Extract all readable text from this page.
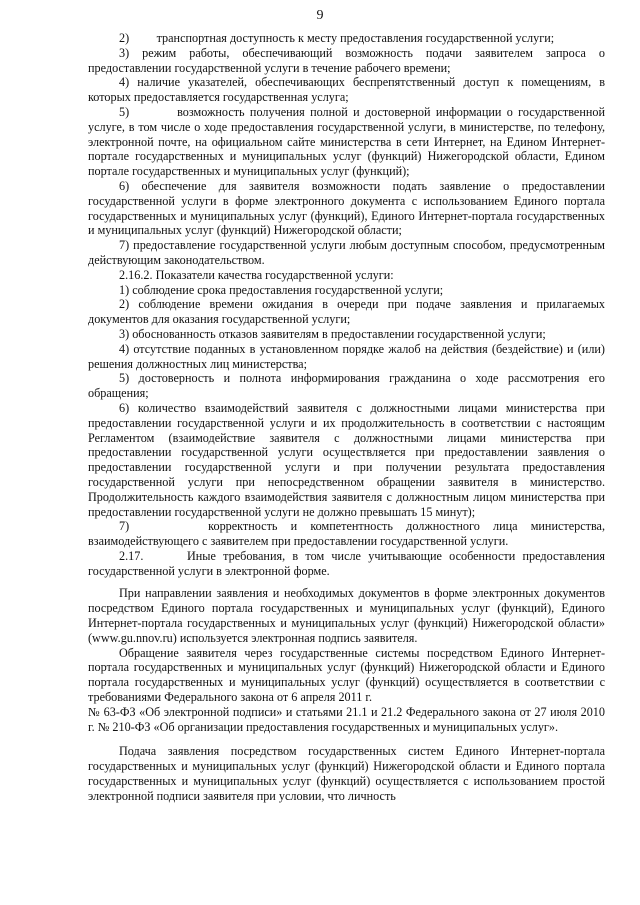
9

2)         транспортная доступность к месту предоставления государственной услуги;

3) режим работы, обеспечивающий возможность подачи заявителем запроса о предоставлении государственной услуги в течение рабочего времени;

4) наличие указателей, обеспечивающих беспрепятственный доступ к помещениям, в которых предоставляется государственная услуга;

5)         возможность получения полной и достоверной информации о государственной услуге, в том числе о ходе предоставления государственной услуги, в министерстве, по телефону, электронной почте, на официальном сайте министерства в сети Интернет, на Едином Интернет-портале государственных и муниципальных услуг (функций) Нижегородской области, Едином портале государственных и муниципальных услуг (функций);

6) обеспечение для заявителя возможности подать заявление о предоставлении государственной услуги в форме электронного документа с использованием Единого портала государственных и муниципальных услуг (функций), Единого Интернет-портала государственных и муниципальных услуг (функций) Нижегородской области;

7) предоставление государственной услуги любым доступным способом, предусмотренным действующим законодательством.

2.16.2. Показатели качества государственной услуги:

1) соблюдение срока предоставления государственной услуги;

2) соблюдение времени ожидания в очереди при подаче заявления и прилагаемых документов для оказания государственной услуги;

3) обоснованность отказов заявителям в предоставлении государственной услуги;

4) отсутствие поданных в установленном порядке жалоб на действия (бездействие) и (или) решения должностных лиц министерства;

5) достоверность и полнота информирования гражданина о ходе рассмотрения его обращения;

6) количество взаимодействий заявителя с должностными лицами министерства при предоставлении государственной услуги и их продолжительность в соответствии с настоящим Регламентом (взаимодействие заявителя с должностными лицами министерства при предоставлении государственной услуги осуществляется при предоставлении заявления о предоставлении государственной услуги и при получении результата предоставления государственной услуги при непосредственном обращении заявителя в министерство. Продолжительность каждого взаимодействия заявителя с должностным лицом министерства при предоставлении государственной услуги не должно превышать 15 минут);

7)      корректность и компетентность должностного лица министерства, взаимодействующего с заявителем при предоставлении государственной услуги.

2.17.      Иные требования, в том числе учитывающие особенности предоставления государственной услуги в электронной форме.

При направлении заявления и необходимых документов в форме электронных документов посредством Единого портала государственных и муниципальных услуг (функций), Единого Интернет-портала государственных и муниципальных услуг (функций) Нижегородской области» (www.gu.nnov.ru) используется электронная подпись заявителя.

Обращение заявителя через государственные системы посредством Единого Интернет-портала государственных и муниципальных услуг (функций) Нижегородской области и Единого портала государственных и муниципальных услуг (функций) осуществляется в соответствии с требованиями Федерального закона от 6 апреля 2011 г.

№ 63-ФЗ «Об электронной подписи» и статьями 21.1 и 21.2 Федерального закона от 27 июля 2010 г. № 210-ФЗ «Об организации предоставления государственных и муниципальных услуг».

Подача заявления посредством государственных систем Единого Интернет-портала государственных и муниципальных услуг (функций) Нижегородской области и Единого портала государственных и муниципальных услуг (функций) осуществляется с использованием простой электронной подписи заявителя при условии, что личность
